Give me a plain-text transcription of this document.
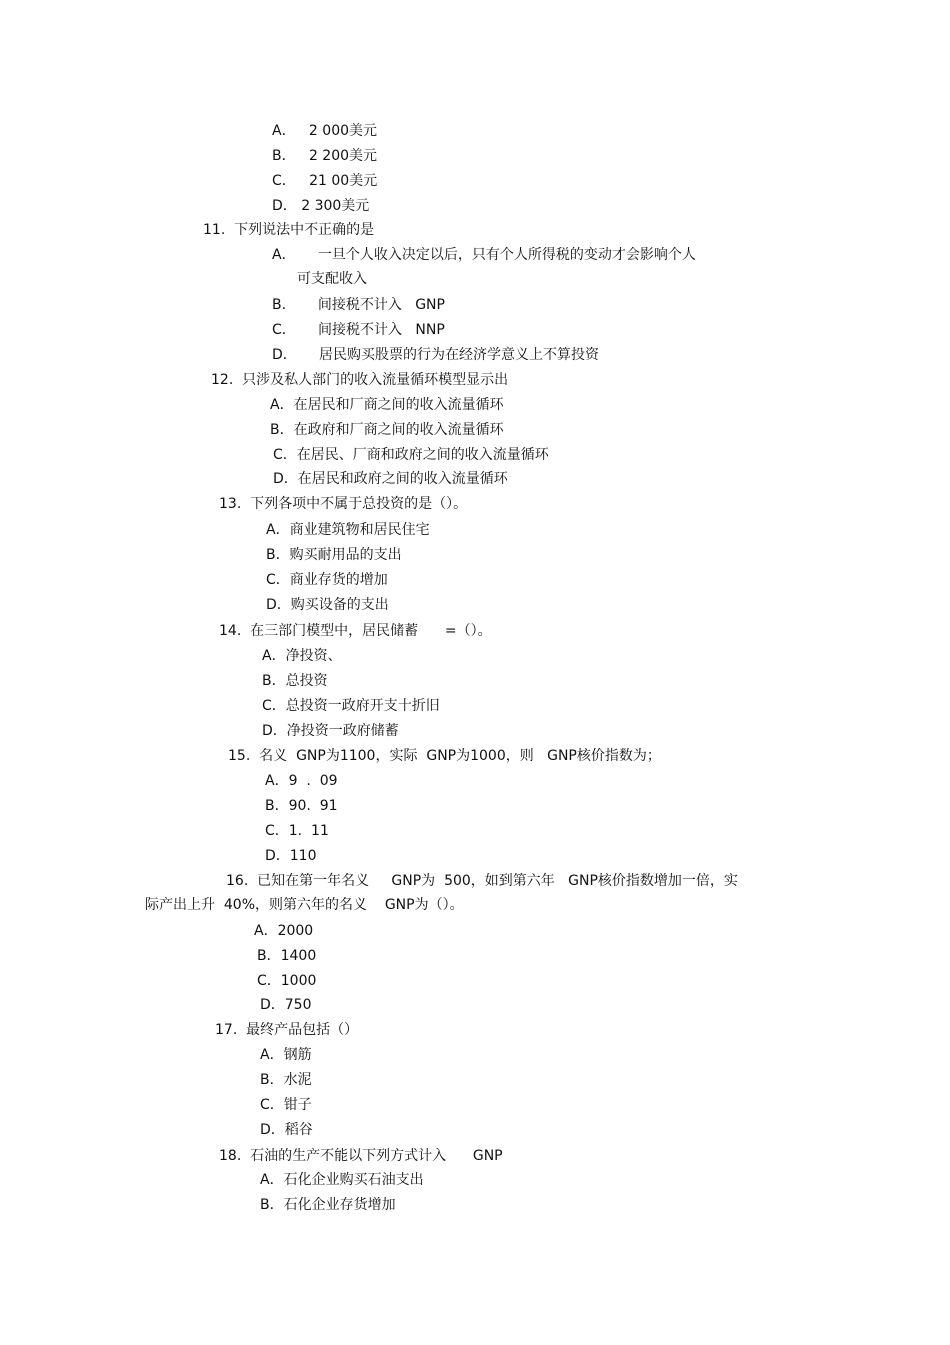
A．   2 000美元
B．   2 200美元
C．   21 00美元
D． 2 300美元
11.  下列说法中不正确的是
A．     一旦个人收入决定以后，只有个人所得税的变动才会影响个人
可支配收入
B．     间接税不计入   GNP
C．     间接税不计入   NNP
D．     居民购买股票的行为在经济学意义上不算投资
12.  只涉及私人部门的收入流量循环模型显示出
A．在居民和厂商之间的收入流量循环
B．在政府和厂商之间的收入流量循环
C．在居民、厂商和政府之间的收入流量循环
D．在居民和政府之间的收入流量循环
13.  下列各项中不属于总投资的是（）。
A．商业建筑物和居民住宅
B．购买耐用品的支出
C．商业存货的增加
D．购买设备的支出
14.  在三部门模型中，居民储蓄      =（）。
A．净投资、
B．总投资
C．总投资一政府开支十折旧
D．净投资一政府储蓄
15.  名义  GNP为1100，实际  GNP为1000，则   GNP核价指数为；
A．9  .  09
B．90.  91
C．1.  11
D．110
16.  已知在第一年名义     GNP为  500，如到第六年   GNP核价指数增加一倍，实
际产出上升  40%，则第六年的名义    GNP为（）。
A．2000
B．1400
C．1000
D．750
17.  最终产品包括（）
A．钢筋
B．水泥
C．钳子
D．稻谷
18.  石油的生产不能以下列方式计入      GNP
A．石化企业购买石油支出
B．石化企业存货增加
